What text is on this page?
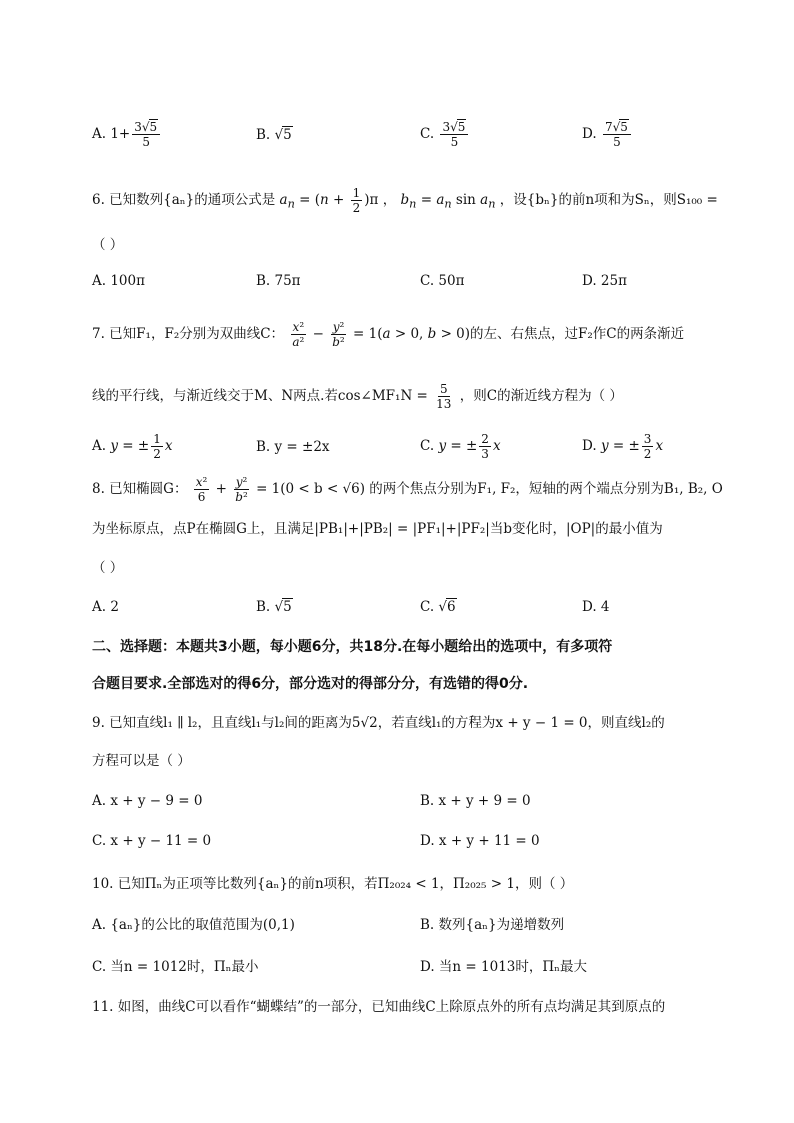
A. $1+ \frac{3√5}{5}$	B. √5	C. $\frac{3√5}{5}$	D. $\frac{7√5}{5}$
6. 已知数列{aₙ}的通项公式是 $a_n = (n + \frac{1}{2} )\pi$ ， $b_n = a_n$ $\sin a_n$ ，设{bₙ}的前n项和为Sₙ，则S₁₀₀ =
（ ）
A. 100π	B. 75π	C. 50π	D. 25π
7. 已知F₁，F₂分别为双曲线C： $\frac{\text{x²}}{\text{a²}} - \frac{\text{y²}}{\text{b²}} = 1(a > 0$, b > 0)的左、右焦点，过F₂作C的两条渐近
线的平行线，与渐近线交于M、N两点.若cos∠MF₁N = $\frac{5}{13}$ ，则C的渐近线方程为（ ）
A. y = ± $\frac{1}{2}$ x	B. y = ±2x	C. y = ± $\frac{2}{3}$ x	D. y = ± $\frac{3}{2}$ x
8. 已知椭圆G： $\frac{\text{x²}}{6} + \frac{\text{y²}}{\text{b²}} = 1(0 < b < √6)$ 的两个焦点分别为F₁, F₂，短轴的两个端点分别为B₁, B₂, O
为坐标原点，点P在椭圆G上，且满足|PB₁|+|PB₂| = |PF₁|+|PF₂|当b变化时，|OP|的最小值为
（ ）
A. 2	B. √5	C. √6	D. 4
二、选择题：本题共3小题，每小题6分，共18分.在每小题给出的选项中，有多项符
合题目要求.全部选对的得6分，部分选对的得部分分，有选错的得0分.
9. 已知直线l₁ ∥ l₂，且直线l₁与l₂间的距离为5√2，若直线l₁的方程为x + y − 1 = 0，则直线l₂的
方程可以是（ ）
A. x + y − 9 = 0	B. x + y + 9 = 0
C. x + y − 11 = 0	D. x + y + 11 = 0
10. 已知Πₙ为正项等比数列{aₙ}的前n项积，若Π₂₀₂₄ < 1，Π₂₀₂₅ > 1，则（ ）
A. {aₙ}的公比的取值范围为(0,1)	B. 数列{aₙ}为递增数列
C. 当n = 1012时，Πₙ最小	D. 当n = 1013时，Πₙ最大
11. 如图，曲线C可以看作“蝴蝶结”的一部分，已知曲线C上除原点外的所有点均满足其到原点的
